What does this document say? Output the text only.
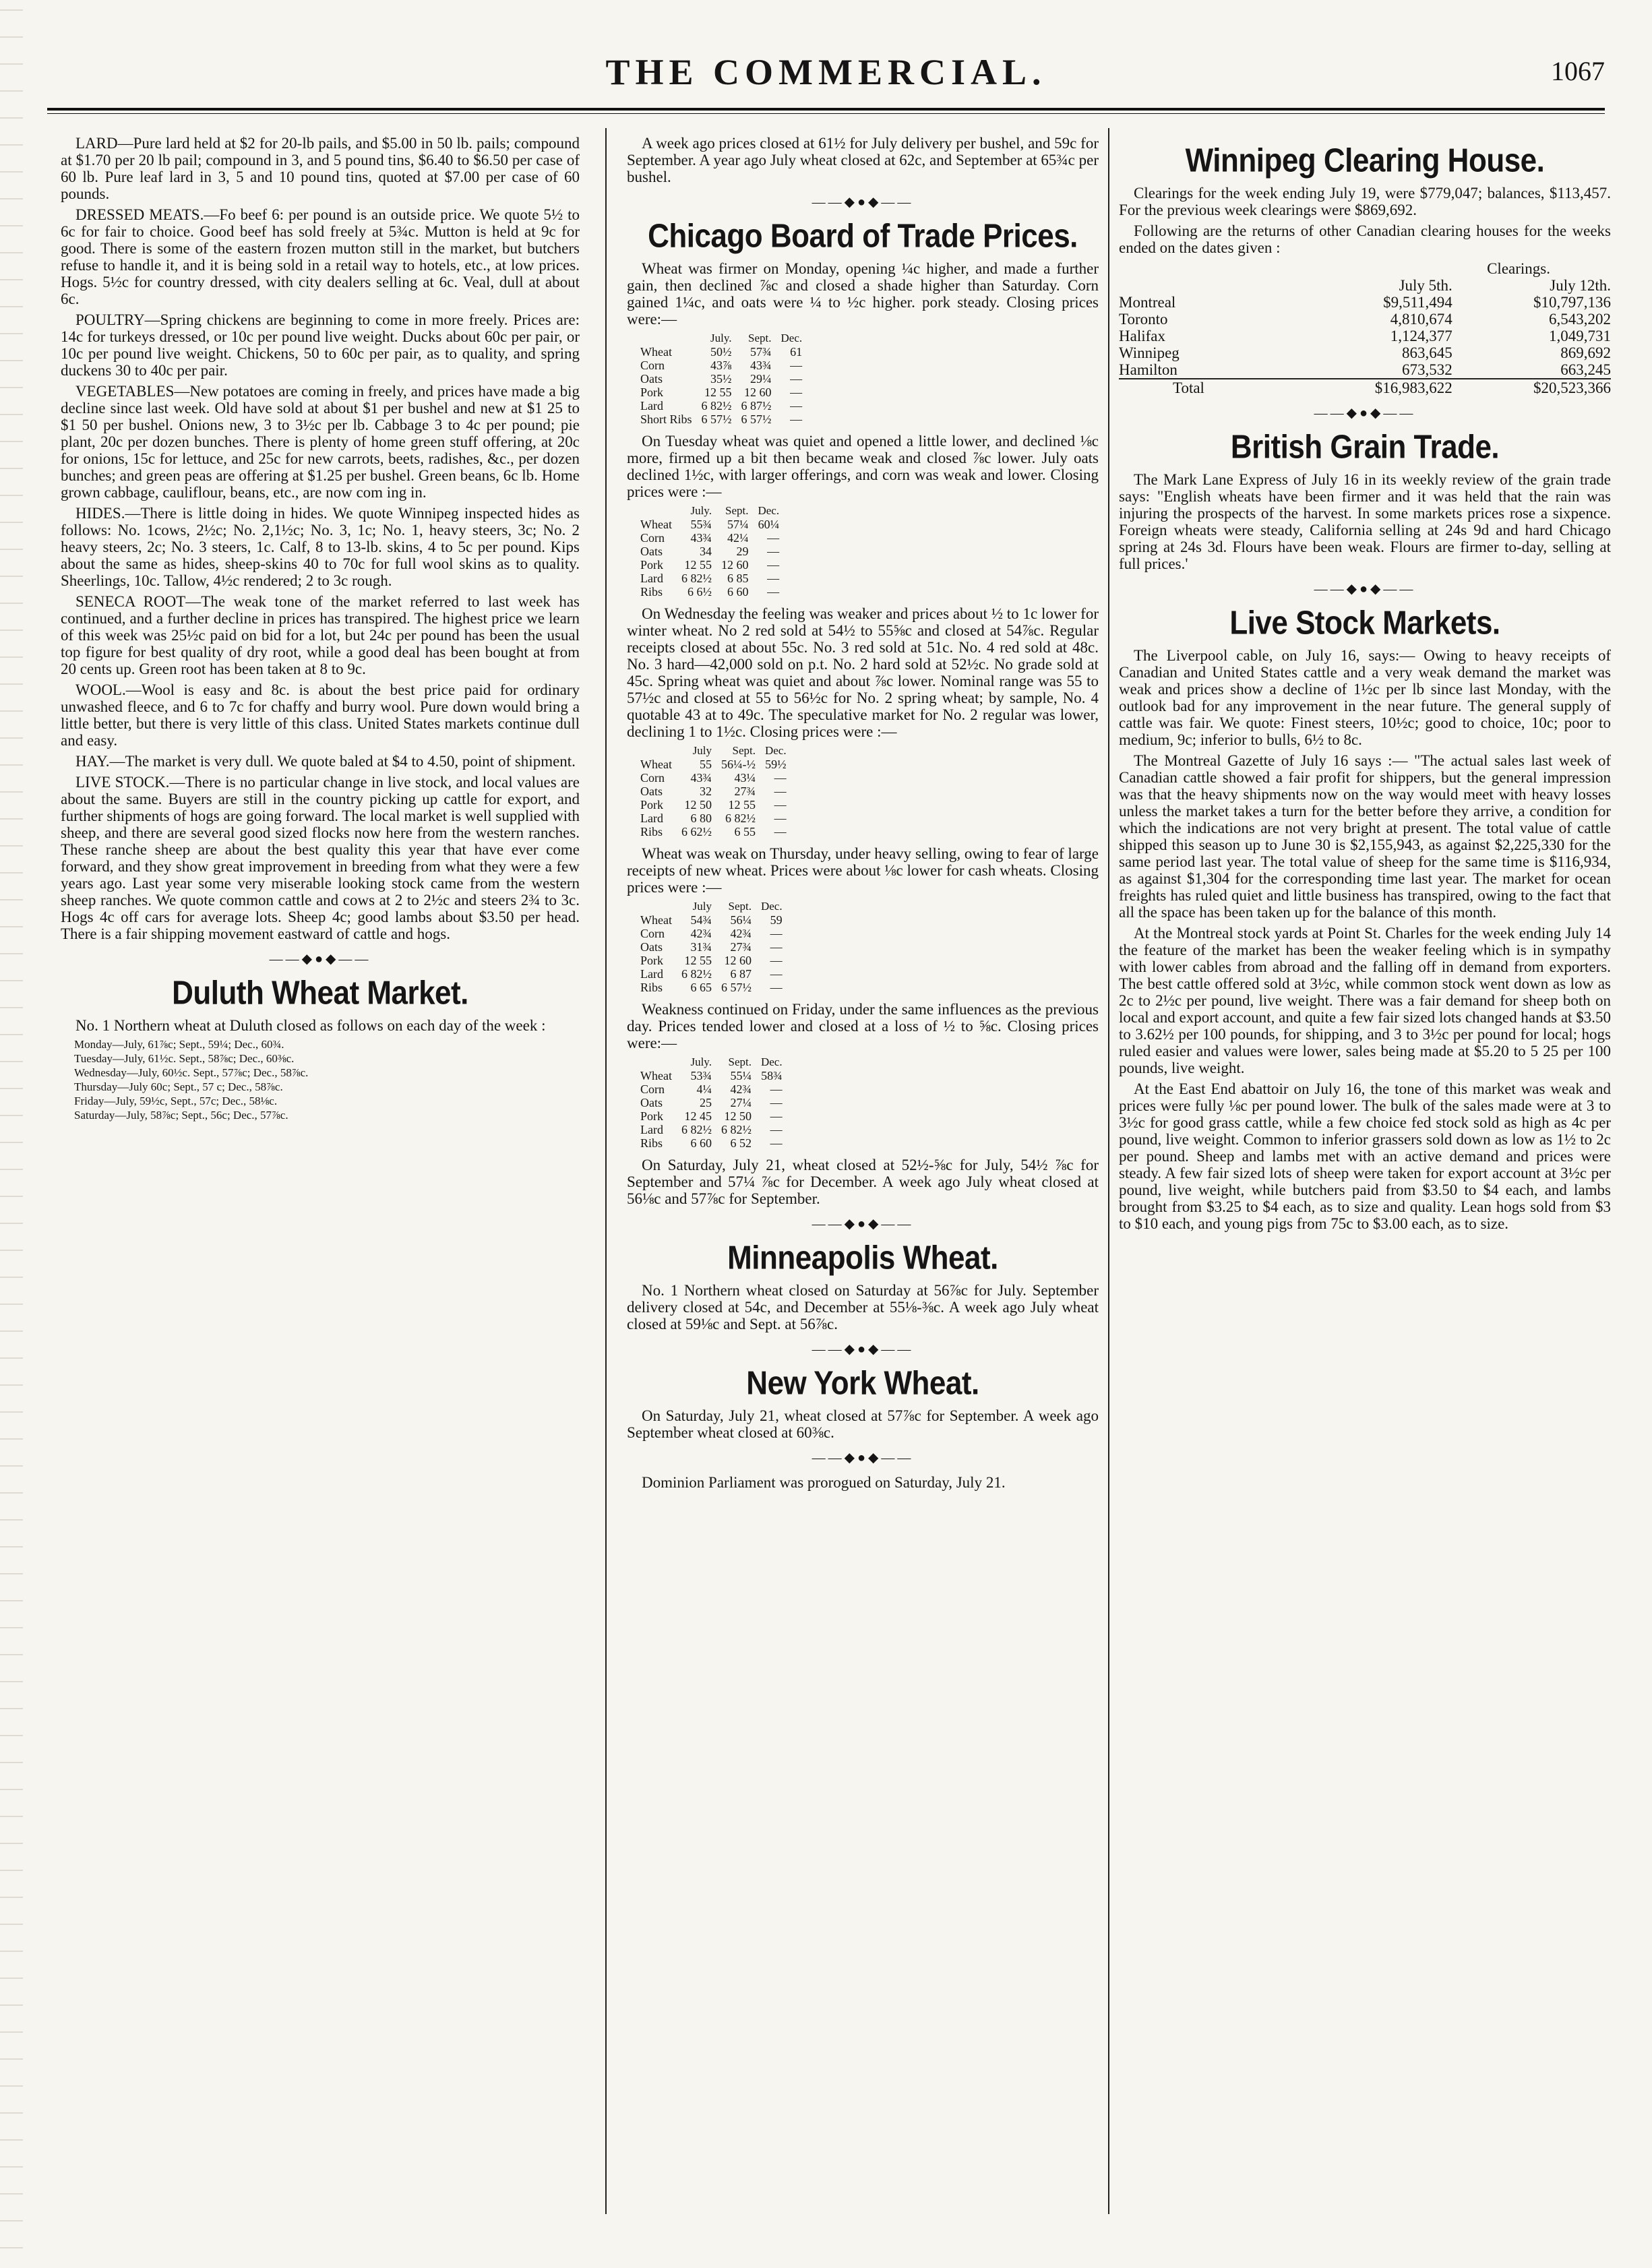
THE COMMERCIAL.	1067

LARD—Pure lard held at $2 for 20-lb pails, and $5.00 in 50 lb. pails; compound at $1.70 per 20 lb pail; compound in 3, and 5 pound tins, $6.40 to $6.50 per case of 60 lb. Pure leaf lard in 3, 5 and 10 pound tins, quoted at $7.00 per case of 60 pounds.

DRESSED MEATS.—Fo beef 6: per pound is an outside price. We quote 5½ to 6c for fair to choice. Good beef has sold freely at 5¾c. Mutton is held at 9c for good. There is some of the eastern frozen mutton still in the market, but butchers refuse to handle it, and it is being sold in a retail way to hotels, etc., at low prices. Hogs. 5½c for country dressed, with city dealers selling at 6c. Veal, dull at about 6c.

POULTRY—Spring chickens are beginning to come in more freely. Prices are: 14c for turkeys dressed, or 10c per pound live weight. Ducks about 60c per pair, or 10c per pound live weight. Chickens, 50 to 60c per pair, as to quality, and spring duckens 30 to 40c per pair.

VEGETABLES—New potatoes are coming in freely, and prices have made a big decline since last week. Old have sold at about $1 per bushel and new at $1 25 to $1 50 per bushel. Onions new, 3 to 3½c per lb. Cabbage 3 to 4c per pound; pie plant, 20c per dozen bunches. There is plenty of home green stuff offering, at 20c for onions, 15c for lettuce, and 25c for new carrots, beets, radishes, &c., per dozen bunches; and green peas are offering at $1.25 per bushel. Green beans, 6c lb. Home grown cabbage, cauliflour, beans, etc., are now com ing in.

HIDES.—There is little doing in hides. We quote Winnipeg inspected hides as follows: No. 1cows, 2½c; No. 2,1½c; No. 3, 1c; No. 1, heavy steers, 3c; No. 2 heavy steers, 2c; No. 3 steers, 1c. Calf, 8 to 13-lb. skins, 4 to 5c per pound. Kips about the same as hides, sheep-skins 40 to 70c for full wool skins as to quality. Sheerlings, 10c. Tallow, 4½c rendered; 2 to 3c rough.

SENECA ROOT—The weak tone of the market referred to last week has continued, and a further decline in prices has transpired. The highest price we learn of this week was 25½c paid on bid for a lot, but 24c per pound has been the usual top figure for best quality of dry root, while a good deal has been bought at from 20 cents up. Green root has been taken at 8 to 9c.

WOOL.—Wool is easy and 8c. is about the best price paid for ordinary unwashed fleece, and 6 to 7c for chaffy and burry wool. Pure down would bring a little better, but there is very little of this class. United States markets continue dull and easy.

HAY.—The market is very dull. We quote baled at $4 to 4.50, point of shipment.

LIVE STOCK.—There is no particular change in live stock, and local values are about the same. Buyers are still in the country picking up cattle for export, and further shipments of hogs are going forward. The local market is well supplied with sheep, and there are several good sized flocks now here from the western ranches. These ranche sheep are about the best quality this year that have ever come forward, and they show great improvement in breeding from what they were a few years ago. Last year some very miserable looking stock came from the western sheep ranches. We quote common cattle and cows at 2 to 2½c and steers 2¾ to 3c. Hogs 4c off cars for average lots. Sheep 4c; good lambs about $3.50 per head. There is a fair shipping movement eastward of cattle and hogs.

——◆●◆——
Duluth Wheat Market.

No. 1 Northern wheat at Duluth closed as follows on each day of the week :

Monday—July, 61⅞c; Sept., 59¼; Dec., 60¾.
Tuesday—July, 61½c. Sept., 58⅞c; Dec., 60⅜c.
Wednesday—July, 60½c. Sept., 57⅞c; Dec., 58⅞c.
Thursday—July 60c; Sept., 57 c; Dec., 58⅞c.
Friday—July, 59½c, Sept., 57c; Dec., 58⅛c.
Saturday—July, 58⅞c; Sept., 56c; Dec., 57⅞c.

A week ago prices closed at 61½ for July delivery per bushel, and 59c for September. A year ago July wheat closed at 62c, and September at 65¾c per bushel.

——◆●◆——
Chicago Board of Trade Prices.

Wheat was firmer on Monday, opening ¼c higher, and made a further gain, then declined ⅞c and closed a shade higher than Saturday. Corn gained 1¼c, and oats were ¼ to ½c higher. pork steady. Closing prices were:—

	July.	Sept.	Dec.
Wheat	50½	57¾	61
Corn	43⅞	43¾	—
Oats	35½	29¼	—
Pork	12 55	12 60	—
Lard	6 82½	6 87½	—
Short Ribs	6 57½	6 57½	—

On Tuesday wheat was quiet and opened a little lower, and declined ⅛c more, firmed up a bit then became weak and closed ⅞c lower. July oats declined 1½c, with larger offerings, and corn was weak and lower. Closing prices were :—

	July.	Sept.	Dec.
Wheat	55¾	57¼	60¼
Corn	43¾	42¼	—
Oats	34	29	—
Pork	12 55	12 60	—
Lard	6 82½	6 85	—
Ribs	6 6½	6 60	—

On Wednesday the feeling was weaker and prices about ½ to 1c lower for winter wheat. No 2 red sold at 54½ to 55⅝c and closed at 54⅞c. Regular receipts closed at about 55c. No. 3 red sold at 51c. No. 4 red sold at 48c. No. 3 hard—42,000 sold on p.t. No. 2 hard sold at 52½c. No grade sold at 45c. Spring wheat was quiet and about ⅞c lower. Nominal range was 55 to 57½c and closed at 55 to 56½c for No. 2 spring wheat; by sample, No. 4 quotable 43 at to 49c. The speculative market for No. 2 regular was lower, declining 1 to 1½c. Closing prices were :—

	July	Sept.	Dec.
Wheat	55	56¼-½	59½
Corn	43¾	43¼	—
Oats	32	27¾	—
Pork	12 50	12 55	—
Lard	6 80	6 82½	—
Ribs	6 62½	6 55	—

Wheat was weak on Thursday, under heavy selling, owing to fear of large receipts of new wheat. Prices were about ⅛c lower for cash wheats. Closing prices were :—

	July	Sept.	Dec.
Wheat	54¾	56¼	59
Corn	42¾	42¾	—
Oats	31¾	27¾	—
Pork	12 55	12 60	—
Lard	6 82½	6 87	—
Ribs	6 65	6 57½	—

Weakness continued on Friday, under the same influences as the previous day. Prices tended lower and closed at a loss of ½ to ⅝c. Closing prices were:—

	July.	Sept.	Dec.
Wheat	53¾	55¼	58¾
Corn	4¼	42¾	—
Oats	25	27¼	—
Pork	12 45	12 50	—
Lard	6 82½	6 82½	—
Ribs	6 60	6 52	—

On Saturday, July 21, wheat closed at 52½-⅝c for July, 54½ ⅞c for September and 57¼ ⅞c for December. A week ago July wheat closed at 56⅛c and 57⅞c for September.

——◆●◆——
Minneapolis Wheat.

No. 1 Northern wheat closed on Saturday at 56⅞c for July. September delivery closed at 54c, and December at 55⅛-⅜c. A week ago July wheat closed at 59⅛c and Sept. at 56⅞c.

——◆●◆——
New York Wheat.

On Saturday, July 21, wheat closed at 57⅞c for September. A week ago September wheat closed at 60⅜c.

——◆●◆——

Dominion Parliament was prorogued on Saturday, July 21.

Winnipeg Clearing House.

Clearings for the week ending July 19, were $779,047; balances, $113,457. For the previous week clearings were $869,692.

Following are the returns of other Canadian clearing houses for the weeks ended on the dates given :

	Clearings.	
	July 5th.	July 12th.
Montreal	$9,511,494	$10,797,136
Toronto	4,810,674	6,543,202
Halifax	1,124,377	1,049,731
Winnipeg	863,645	869,692
Hamilton	673,532	663,245

Total	$16,983,622	$20,523,366
——◆●◆——
British Grain Trade.

The Mark Lane Express of July 16 in its weekly review of the grain trade says: "English wheats have been firmer and it was held that the rain was injuring the prospects of the harvest. In some markets prices rose a sixpence. Foreign wheats were steady, California selling at 24s 9d and hard Chicago spring at 24s 3d. Flours have been weak. Flours are firmer to-day, selling at full prices.'

——◆●◆——
Live Stock Markets.

The Liverpool cable, on July 16, says:— Owing to heavy receipts of Canadian and United States cattle and a very weak demand the market was weak and prices show a decline of 1½c per lb since last Monday, with the outlook bad for any improvement in the near future. The general supply of cattle was fair. We quote: Finest steers, 10½c; good to choice, 10c; poor to medium, 9c; inferior to bulls, 6½ to 8c.

The Montreal Gazette of July 16 says :— "The actual sales last week of Canadian cattle showed a fair profit for shippers, but the general impression was that the heavy shipments now on the way would meet with heavy losses unless the market takes a turn for the better before they arrive, a condition for which the indications are not very bright at present. The total value of cattle shipped this season up to June 30 is $2,155,943, as against $2,225,330 for the same period last year. The total value of sheep for the same time is $116,934, as against $1,304 for the corresponding time last year. The market for ocean freights has ruled quiet and little business has transpired, owing to the fact that all the space has been taken up for the balance of this month.

At the Montreal stock yards at Point St. Charles for the week ending July 14 the feature of the market has been the weaker feeling which is in sympathy with lower cables from abroad and the falling off in demand from exporters. The best cattle offered sold at 3½c, while common stock went down as low as 2c to 2½c per pound, live weight. There was a fair demand for sheep both on local and export account, and quite a few fair sized lots changed hands at $3.50 to 3.62½ per 100 pounds, for shipping, and 3 to 3½c per pound for local; hogs ruled easier and values were lower, sales being made at $5.20 to 5 25 per 100 pounds, live weight.

At the East End abattoir on July 16, the tone of this market was weak and prices were fully ⅛c per pound lower. The bulk of the sales made were at 3 to 3½c for good grass cattle, while a few choice fed stock sold as high as 4c per pound, live weight. Common to inferior grassers sold down as low as 1½ to 2c per pound. Sheep and lambs met with an active demand and prices were steady. A few fair sized lots of sheep were taken for export account at 3½c per pound, live weight, while butchers paid from $3.50 to $4 each, and lambs brought from $3.25 to $4 each, as to size and quality. Lean hogs sold from $3 to $10 each, and young pigs from 75c to $3.00 each, as to size.
